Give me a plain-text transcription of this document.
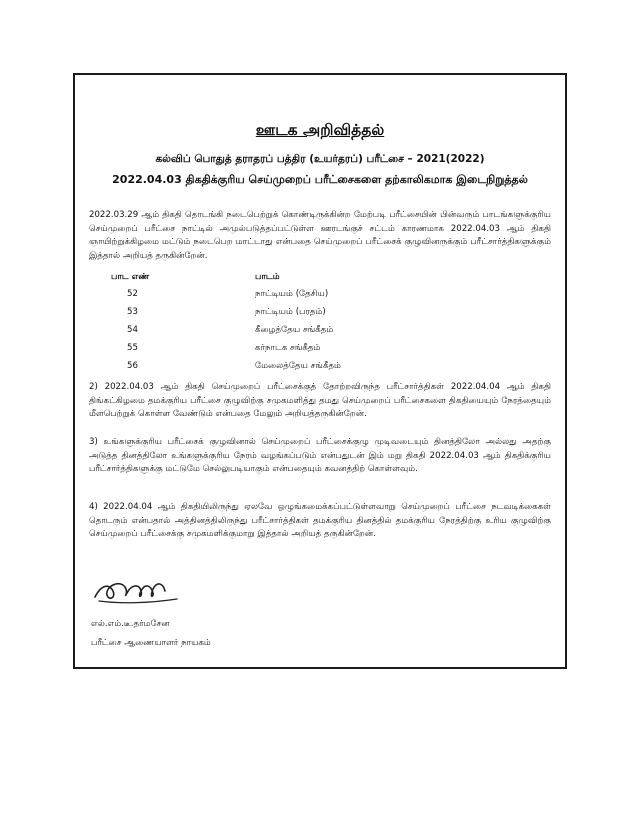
ஊடக அறிவித்தல்
கல்விப் பொதுத் தராதரப் பத்திர (உயர்தரப்) பரீட்சை – 2021(2022)
2022.04.03 திகதிக்குரிய செய்முறைப் பரீட்சைகளை தற்காலிகமாக இடைநிறுத்தல்

2022.03.29 ஆம் திகதி தொடங்கி நடைபெற்றுக் கொண்டிருக்கின்ற மேற்படி பரீட்சையின் பின்வரும் பாடங்களுக்குரிய செய்முறைப் பரீட்சை நாட்டில் அமுல்படுத்தப்பட்டுள்ள ஊரடங்குச் சட்டம் காரணமாக 2022.04.03 ஆம் திகதி ஞாயிற்றுக்கிழமை மட்டும் நடைபெற மாட்டாது என்பதை செய்முறைப் பரீட்சைக் குழுவினருக்கும் பரீட்சார்த்திகளுக்கும் இத்தால் அறியத் தருகின்றேன்.

பாட எண்	பாடம்
52	நாட்டியம் (தேசிய)
53	நாட்டியம் (பரதம்)
54	கீழைத்தேய சங்கீதம்
55	கர்நாடக சங்கீதம்
56	மேலைத்தேய சங்கீதம்

2) 2022.04.03 ஆம் திகதி செய்முறைப் பரீட்சைக்குத் தோற்றவிருந்த பரீட்சார்த்திகள் 2022.04.04 ஆம் திகதி திங்கட்கிழமை தமக்குரிய பரீட்சை குழுவிற்கு சமுகமளித்து தமது செய்முறைப் பரீட்சைகளை திகதியையும் நேரத்தையும் மீளபெற்றுக் கொள்ள வேண்டும் என்பதை மேலும் அறியத்தருகின்றேன்.

3) உங்களுக்குரிய பரீட்சைக் குழுவினால் செய்முறைப் பரீட்சைக்குழு முடிவடையும் தினத்திலோ அல்லது அதற்கு அடுத்த தினத்திலோ உங்களுக்குரிய நேரம் வழங்கப்படும் என்பதுடன் இம் மறு திகதி 2022.04.03 ஆம் திகதிக்குரிய பரீட்சார்த்திகளுக்கு மட்டுமே செல்லுபடியாகும் என்பதையும் கவனத்திற் கொள்ளவும்.

4) 2022.04.04 ஆம் திகதியிலிருந்து ஏலவே ஒழுங்கமைக்கப்பட்டுள்ளவாறு செய்முறைப் பரீட்சை நடவடிக்கைகள் தொடரும் என்பதால் அத்தினத்திலிருந்து பரீட்சார்த்திகள் தமக்குரிய தினத்தில் தமக்குரிய நேரத்திற்கு உரிய குழுவிற்கு செய்முறைப் பரீட்சைக்கு சமுகமளிக்குமாறு இத்தால் அறியத் தருகின்றேன்.

எல்.எம்.டீ.தர்மசேன
பரீட்சை ஆணையாளர் நாயகம்
